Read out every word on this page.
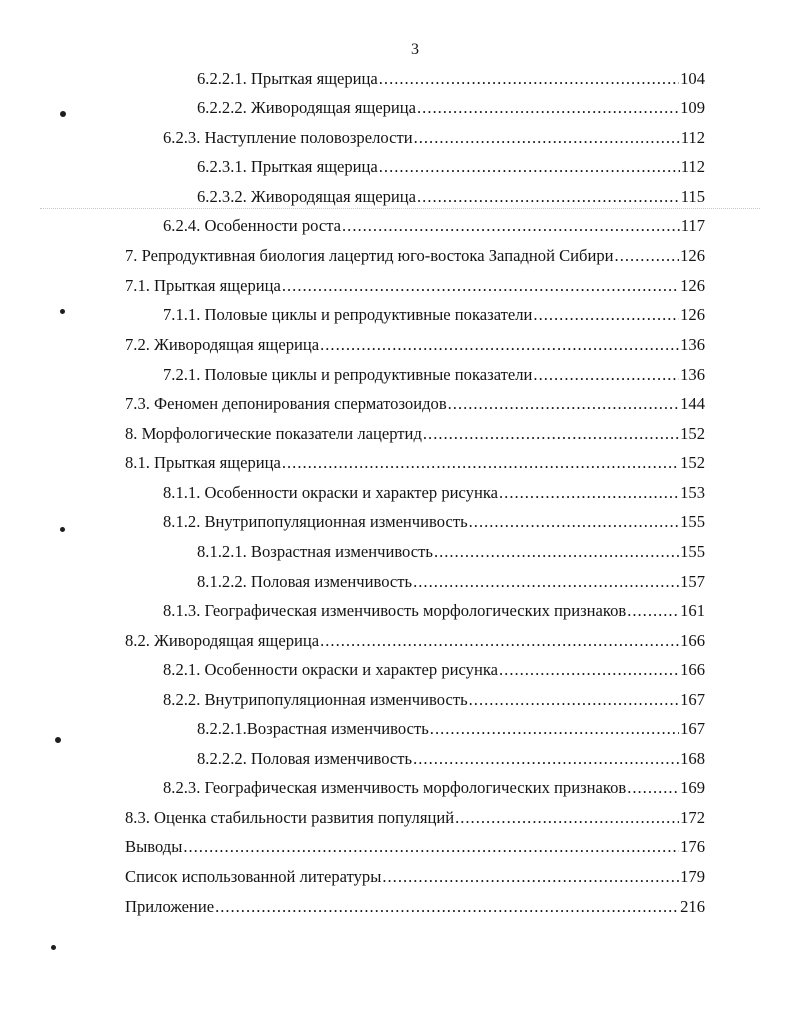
3
6.2.2.1. Прыткая ящерица .....	104
6.2.2.2. Живородящая ящерица .....	109
6.2.3. Наступление половозрелости .....	112
6.2.3.1. Прыткая ящерица .....	112
6.2.3.2. Живородящая ящерица .....	115
6.2.4. Особенности роста .....	117
7. Репродуктивная биология лацертид юго-востока Западной Сибири .....	126
7.1. Прыткая ящерица .....	126
7.1.1. Половые циклы и репродуктивные показатели .....	126
7.2. Живородящая ящерица .....	136
7.2.1. Половые циклы и репродуктивные показатели .....	136
7.3. Феномен депонирования сперматозоидов .....	144
8. Морфологические показатели лацертид .....	152
8.1. Прыткая ящерица .....	152
8.1.1. Особенности окраски и характер рисунка .....	153
8.1.2. Внутрипопуляционная изменчивость .....	155
8.1.2.1. Возрастная изменчивость .....	155
8.1.2.2. Половая изменчивость .....	157
8.1.3. Географическая изменчивость морфологических признаков .....	161
8.2. Живородящая ящерица .....	166
8.2.1. Особенности окраски и характер рисунка .....	166
8.2.2. Внутрипопуляционная изменчивость .....	167
8.2.2.1.Возрастная изменчивость .....	167
8.2.2.2. Половая изменчивость .....	168
8.2.3. Географическая изменчивость морфологических признаков .....	169
8.3. Оценка стабильности развития популяций .....	172
Выводы .....	176
Список использованной литературы .....	179
Приложение .....	216
